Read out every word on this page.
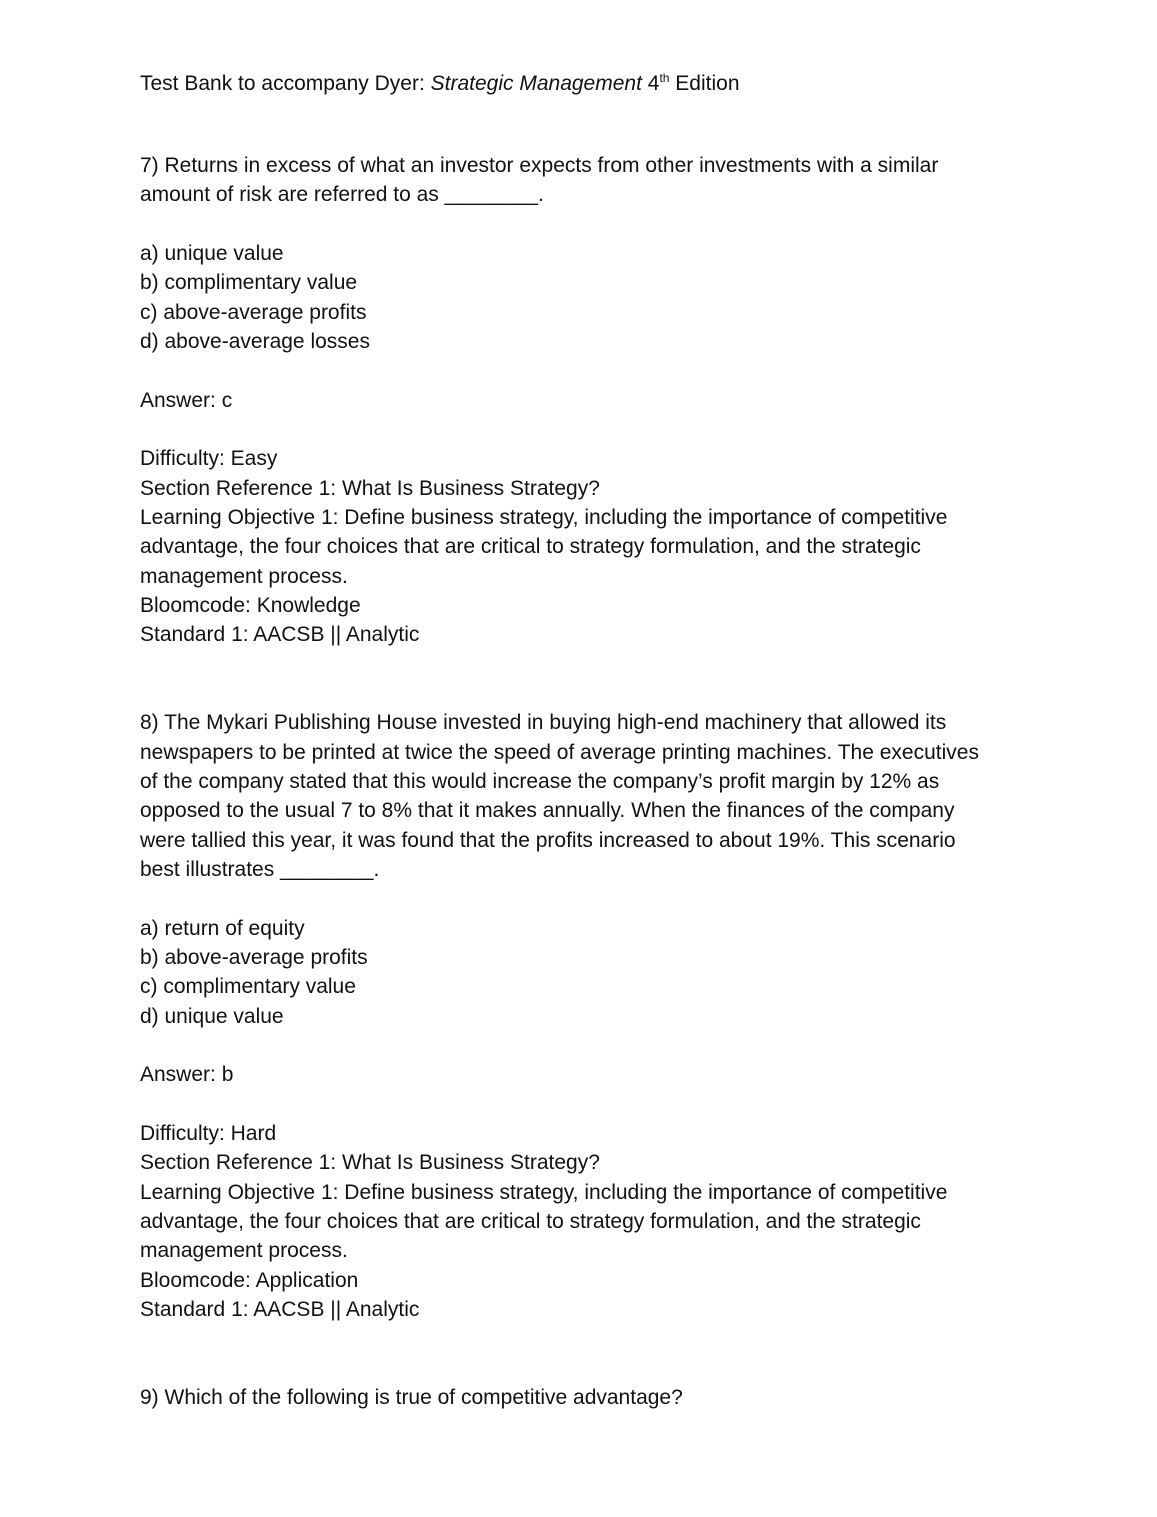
Test Bank to accompany Dyer: Strategic Management 4th Edition

7) Returns in excess of what an investor expects from other investments with a similar

amount of risk are referred to as ________.

a) unique value

b) complimentary value

c) above-average profits

d) above-average losses

Answer: c

Difficulty: Easy

Section Reference 1: What Is Business Strategy?

Learning Objective 1: Define business strategy, including the importance of competitive

advantage, the four choices that are critical to strategy formulation, and the strategic

management process.

Bloomcode: Knowledge

Standard 1: AACSB || Analytic

8) The Mykari Publishing House invested in buying high-end machinery that allowed its

newspapers to be printed at twice the speed of average printing machines. The executives

of the company stated that this would increase the company’s profit margin by 12% as

opposed to the usual 7 to 8% that it makes annually. When the finances of the company

were tallied this year, it was found that the profits increased to about 19%. This scenario

best illustrates ________.

a) return of equity

b) above-average profits

c) complimentary value

d) unique value

Answer: b

Difficulty: Hard

Section Reference 1: What Is Business Strategy?

Learning Objective 1: Define business strategy, including the importance of competitive

advantage, the four choices that are critical to strategy formulation, and the strategic

management process.

Bloomcode: Application

Standard 1: AACSB || Analytic

9) Which of the following is true of competitive advantage?
